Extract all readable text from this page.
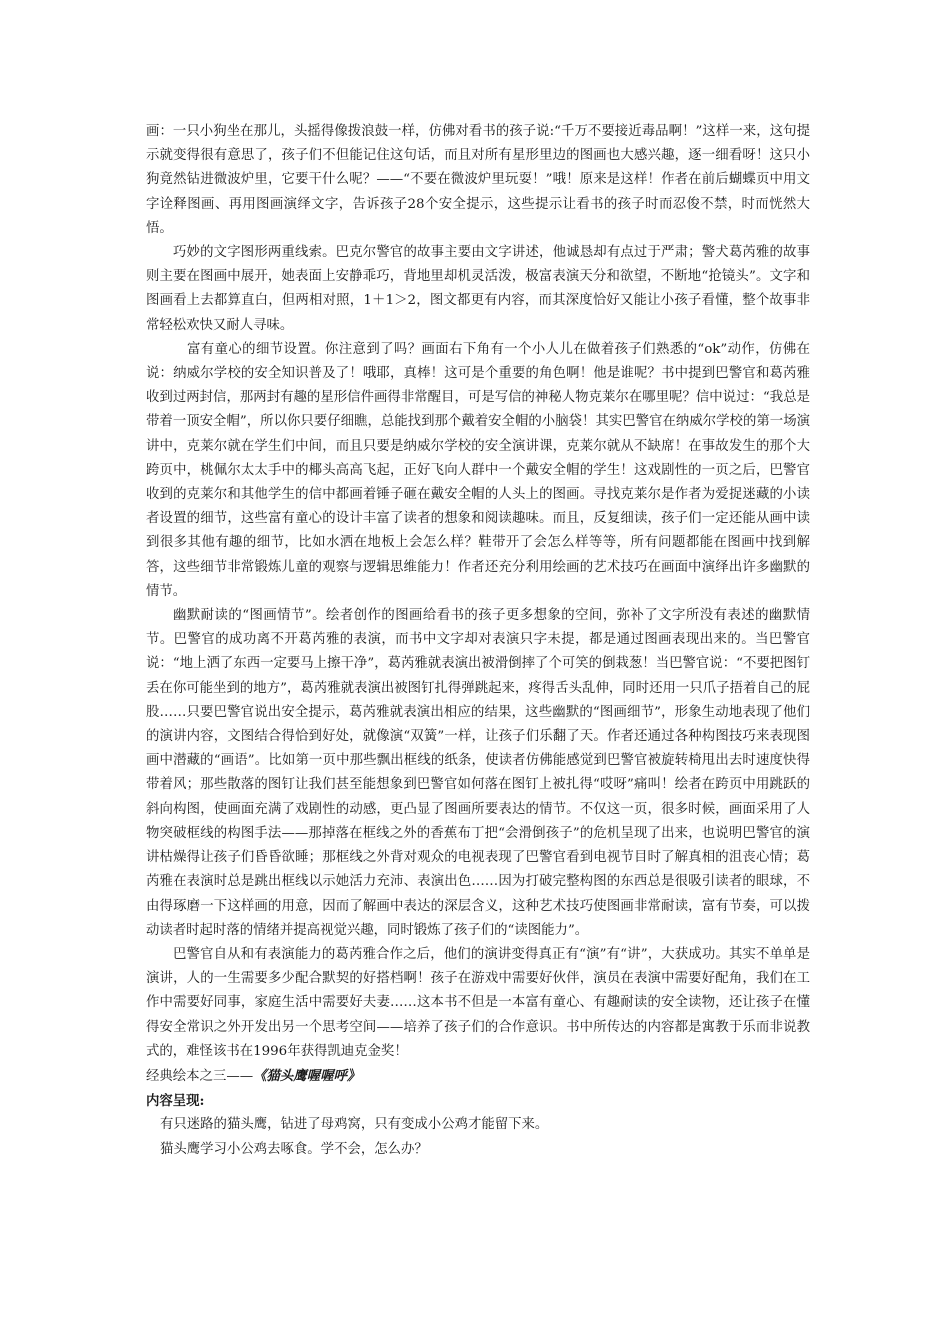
画：一只小狗坐在那儿，头摇得像拨浪鼓一样，仿佛对看书的孩子说:“千万不要接近毒品啊！”这样一来，这句提示就变得很有意思了，孩子们不但能记住这句话，而且对所有星形里边的图画也大感兴趣，逐一细看呀！这只小狗竟然钻进微波炉里，它要干什么呢？——“不要在微波炉里玩耍！”哦！原来是这样！作者在前后蝴蝶页中用文字诠释图画、再用图画演绎文字，告诉孩子28个安全提示，这些提示让看书的孩子时而忍俊不禁，时而恍然大悟。

巧妙的文字图形两重线索。巴克尔警官的故事主要由文字讲述，他诚恳却有点过于严肃；警犬葛芮雅的故事则主要在图画中展开，她表面上安静乖巧，背地里却机灵活泼，极富表演天分和欲望，不断地“抢镜头”。文字和图画看上去都算直白，但两相对照，1＋1＞2，图文都更有内容，而其深度恰好又能让小孩子看懂，整个故事非常轻松欢快又耐人寻味。

富有童心的细节设置。你注意到了吗？画面右下角有一个小人儿在做着孩子们熟悉的“ok”动作，仿佛在说：纳威尔学校的安全知识普及了！哦耶，真棒！这可是个重要的角色啊！他是谁呢？书中提到巴警官和葛芮雅收到过两封信，那两封有趣的星形信件画得非常醒目，可是写信的神秘人物克莱尔在哪里呢？信中说过：“我总是带着一顶安全帽”，所以你只要仔细瞧，总能找到那个戴着安全帽的小脑袋！其实巴警官在纳威尔学校的第一场演讲中，克莱尔就在学生们中间，而且只要是纳威尔学校的安全演讲课，克莱尔就从不缺席！在事故发生的那个大跨页中，桃佩尔太太手中的椰头高高飞起，正好飞向人群中一个戴安全帽的学生！这戏剧性的一页之后，巴警官收到的克莱尔和其他学生的信中都画着锤子砸在戴安全帽的人头上的图画。寻找克莱尔是作者为爱捉迷藏的小读者设置的细节，这些富有童心的设计丰富了读者的想象和阅读趣味。而且，反复细读，孩子们一定还能从画中读到很多其他有趣的细节，比如水洒在地板上会怎么样？鞋带开了会怎么样等等，所有问题都能在图画中找到解答，这些细节非常锻炼儿童的观察与逻辑思维能力！作者还充分利用绘画的艺术技巧在画面中演绎出许多幽默的情节。

幽默耐读的“图画情节”。绘者创作的图画给看书的孩子更多想象的空间，弥补了文字所没有表述的幽默情节。巴警官的成功离不开葛芮雅的表演，而书中文字却对表演只字未提，都是通过图画表现出来的。当巴警官说：“地上洒了东西一定要马上擦干净”，葛芮雅就表演出被滑倒摔了个可笑的倒栽葱！当巴警官说：“不要把图钉丢在你可能坐到的地方”，葛芮雅就表演出被图钉扎得弹跳起来，疼得舌头乱伸，同时还用一只爪子捂着自己的屁股……只要巴警官说出安全提示，葛芮雅就表演出相应的结果，这些幽默的“图画细节”，形象生动地表现了他们的演讲内容，文图结合得恰到好处，就像演“双簧”一样，让孩子们乐翻了天。作者还通过各种构图技巧来表现图画中潜藏的“画语”。比如第一页中那些飘出框线的纸条，使读者仿佛能感觉到巴警官被旋转椅甩出去时速度快得带着风；那些散落的图钉让我们甚至能想象到巴警官如何落在图钉上被扎得“哎呀”痛叫！绘者在跨页中用跳跃的斜向构图，使画面充满了戏剧性的动感，更凸显了图画所要表达的情节。不仅这一页，很多时候，画面采用了人物突破框线的构图手法——那掉落在框线之外的香蕉布丁把“会滑倒孩子”的危机呈现了出来，也说明巴警官的演讲枯燥得让孩子们昏昏欲睡；那框线之外背对观众的电视表现了巴警官看到电视节目时了解真相的沮丧心情；葛芮雅在表演时总是跳出框线以示她活力充沛、表演出色……因为打破完整构图的东西总是很吸引读者的眼球，不由得琢磨一下这样画的用意，因而了解画中表达的深层含义，这种艺术技巧使图画非常耐读，富有节奏，可以拨动读者时起时落的情绪并提高视觉兴趣，同时锻炼了孩子们的“读图能力”。

巴警官自从和有表演能力的葛芮雅合作之后，他们的演讲变得真正有“演”有“讲”，大获成功。其实不单单是演讲，人的一生需要多少配合默契的好搭档啊！孩子在游戏中需要好伙伴，演员在表演中需要好配角，我们在工作中需要好同事，家庭生活中需要好夫妻……这本书不但是一本富有童心、有趣耐读的安全读物，还让孩子在懂得安全常识之外开发出另一个思考空间——培养了孩子们的合作意识。书中所传达的内容都是寓教于乐而非说教式的，难怪该书在1996年获得凯迪克金奖！

经典绘本之三——《猫头鹰喔喔呼》

内容呈现:

有只迷路的猫头鹰，钻进了母鸡窝，只有变成小公鸡才能留下来。

猫头鹰学习小公鸡去啄食。学不会，怎么办？
